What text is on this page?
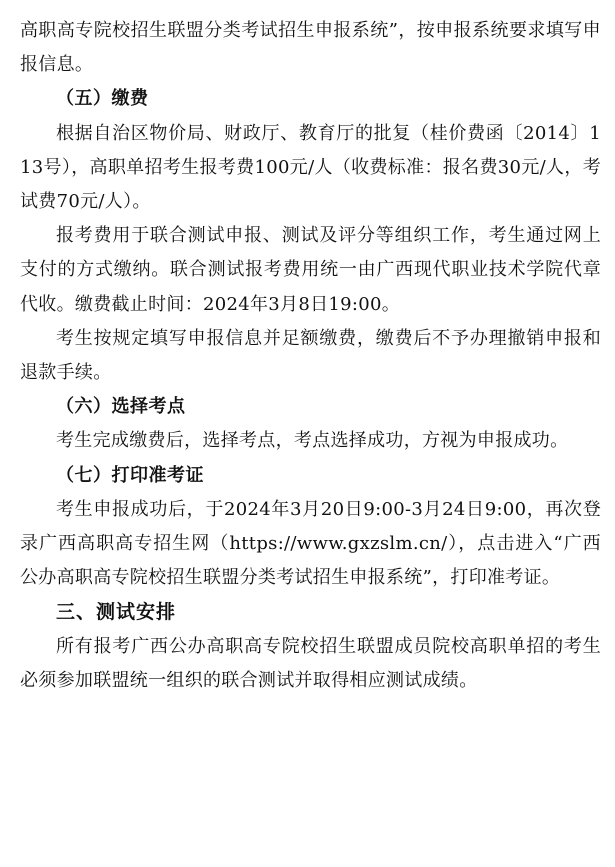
高职高专院校招生联盟分类考试招生申报系统”，按申报系统要求填写申报信息。

（五）缴费

根据自治区物价局、财政厅、教育厅的批复（桂价费函〔2014〕113号），高职单招考生报考费100元/人（收费标准：报名费30元/人，考试费70元/人）。

报考费用于联合测试申报、测试及评分等组织工作，考生通过网上支付的方式缴纳。联合测试报考费用统一由广西现代职业技术学院代章代收。缴费截止时间：2024年3月8日19:00。

考生按规定填写申报信息并足额缴费，缴费后不予办理撤销申报和退款手续。

（六）选择考点

考生完成缴费后，选择考点，考点选择成功，方视为申报成功。

（七）打印准考证

考生申报成功后，于2024年3月20日9:00-3月24日9:00，再次登录广西高职高专招生网（https://www.gxzslm.cn/），点击进入“广西公办高职高专院校招生联盟分类考试招生申报系统”，打印准考证。

三、测试安排

所有报考广西公办高职高专院校招生联盟成员院校高职单招的考生必须参加联盟统一组织的联合测试并取得相应测试成绩。
